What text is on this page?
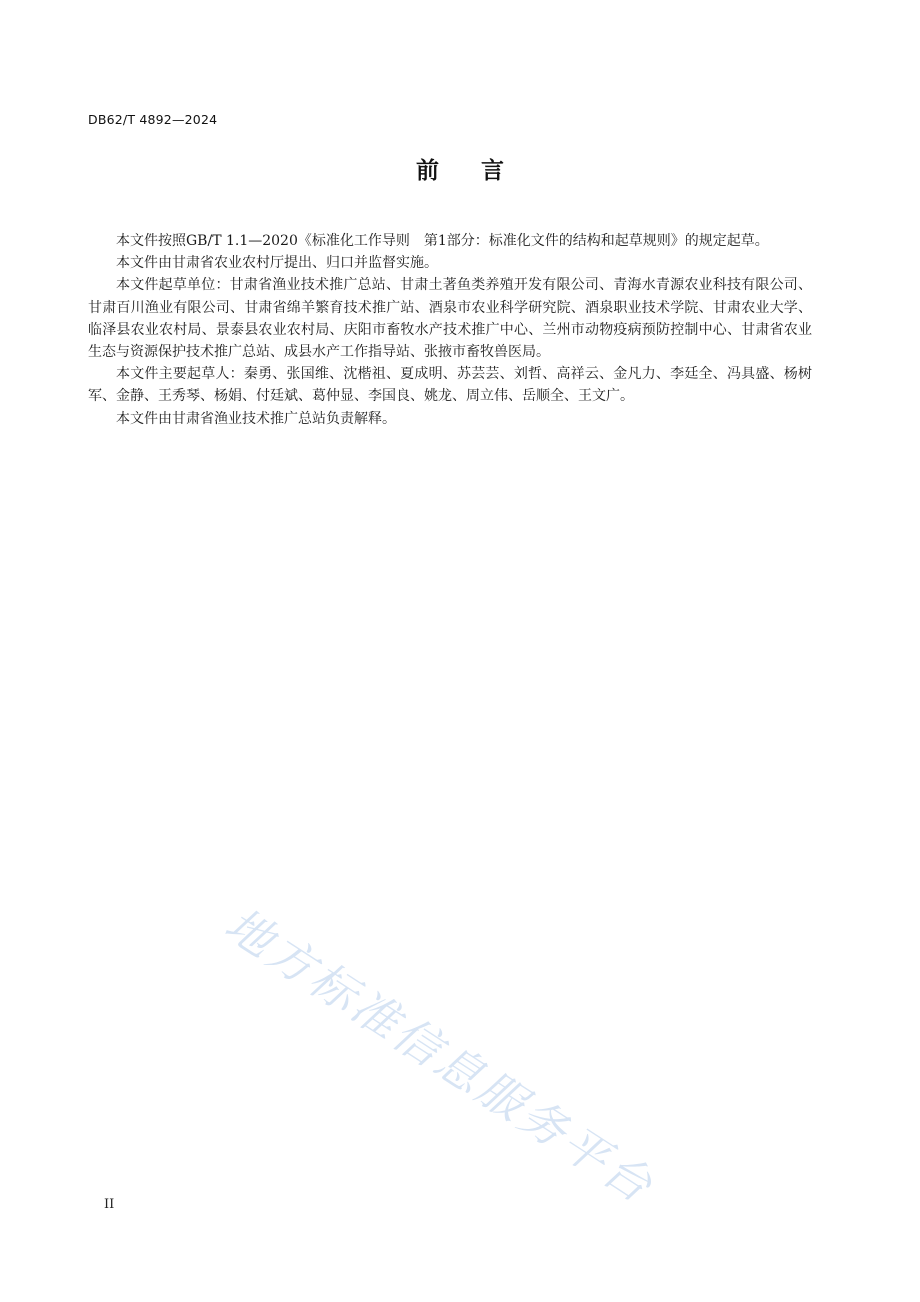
DB62/T 4892—2024
前言

本文件按照GB/T 1.1—2020《标准化工作导则　第1部分：标准化文件的结构和起草规则》的规定起草。

本文件由甘肃省农业农村厅提出、归口并监督实施。

本文件起草单位：甘肃省渔业技术推广总站、甘肃土著鱼类养殖开发有限公司、青海水青源农业科技有限公司、甘肃百川渔业有限公司、甘肃省绵羊繁育技术推广站、酒泉市农业科学研究院、酒泉职业技术学院、甘肃农业大学、临泽县农业农村局、景泰县农业农村局、庆阳市畜牧水产技术推广中心、兰州市动物疫病预防控制中心、甘肃省农业生态与资源保护技术推广总站、成县水产工作指导站、张掖市畜牧兽医局。

本文件主要起草人：秦勇、张国维、沈楷祖、夏成明、苏芸芸、刘哲、高祥云、金凡力、李廷全、冯具盛、杨树军、金静、王秀琴、杨娟、付廷斌、葛仲显、李国良、姚龙、周立伟、岳顺全、王文广。

本文件由甘肃省渔业技术推广总站负责解释。

地方标准信息服务平台
II
